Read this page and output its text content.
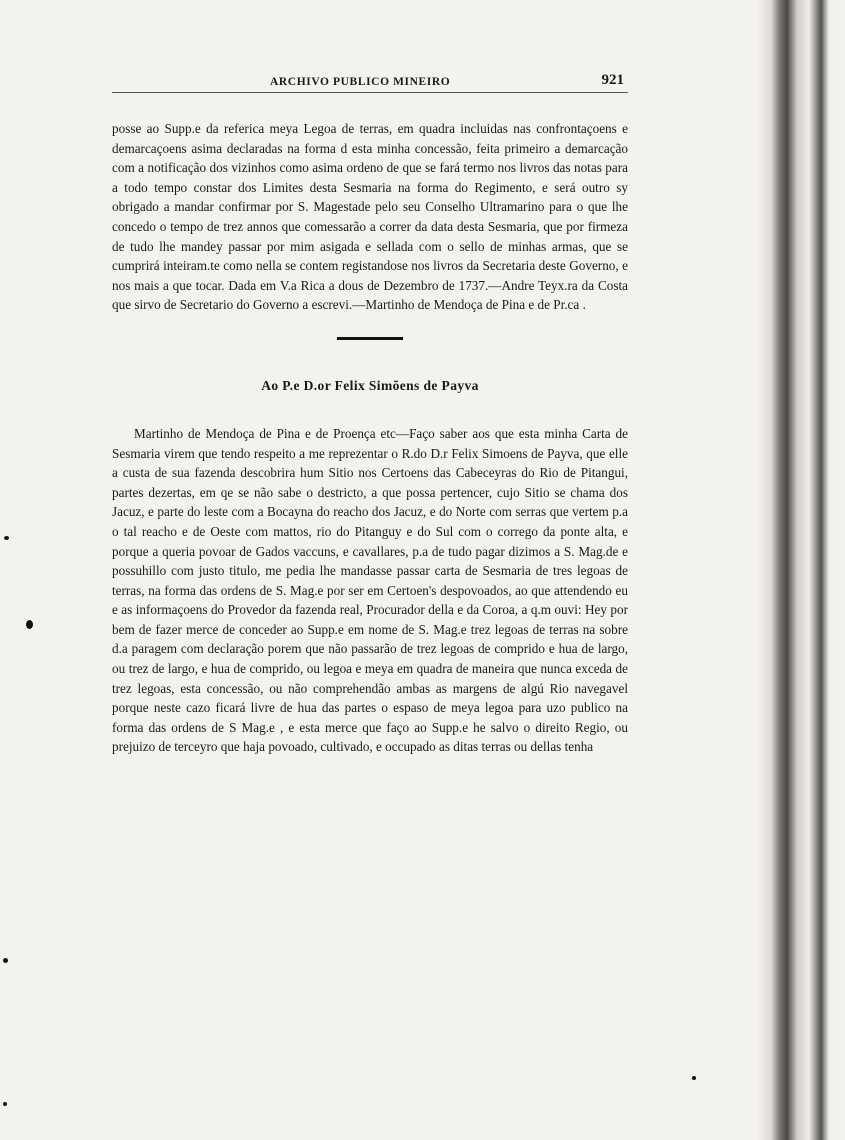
ARCHIVO PUBLICO MINEIRO	921

posse ao Supp.e da referica meya Legoa de terras, em quadra incluidas nas confrontaçoens e demarcaçoens asima declaradas na forma d esta minha concessão, feita primeiro a demarcação com a notificação dos vizinhos como asima ordeno de que se fará termo nos livros das notas para a todo tempo constar dos Limites desta Sesmaria na forma do Regimento, e será outro sy obrigado a mandar confirmar por S. Magestade pelo seu Conselho Ultramarino para o que lhe concedo o tempo de trez annos que comessarão a correr da data desta Sesmaria, que por firmeza de tudo lhe mandey passar por mim asigada e sellada com o sello de minhas armas, que se cumprirá inteiram.te como nella se contem registandose nos livros da Secretaria deste Governo, e nos mais a que tocar. Dada em V.a Rica a dous de Dezembro de 1737.—Andre Teyx.ra da Costa que sirvo de Secretario do Governo a escrevi.—Martinho de Mendoça de Pina e de Pr.ca .

Ao P.e D.or Felix Simõens de Payva

Martinho de Mendoça de Pina e de Proença etc—Faço saber aos que esta minha Carta de Sesmaria virem que tendo respeito a me reprezentar o R.do D.r Felix Simoens de Payva, que elle a custa de sua fazenda descobrira hum Sitio nos Certoens das Cabeceyras do Rio de Pitangui, partes dezertas, em qe se não sabe o destricto, a que possa pertencer, cujo Sitio se chama dos Jacuz, e parte do leste com a Bocayna do reacho dos Jacuz, e do Norte com serras que vertem p.a o tal reacho e de Oeste com mattos, rio do Pitanguy e do Sul com o corrego da ponte alta, e porque a queria povoar de Gados vaccuns, e cavallares, p.a de tudo pagar dizimos a S. Mag.de e possuhillo com justo titulo, me pedia lhe mandasse passar carta de Sesmaria de tres legoas de terras, na forma das ordens de S. Mag.e por ser em Certoen's despovoados, ao que attendendo eu e as informaçoens do Provedor da fazenda real, Procurador della e da Coroa, a q.m ouvi: Hey por bem de fazer merce de conceder ao Supp.e em nome de S. Mag.e trez legoas de terras na sobre d.a paragem com declaração porem que não passarão de trez legoas de comprido e hua de largo, ou trez de largo, e hua de comprido, ou legoa e meya em quadra de maneira que nunca exceda de trez legoas, esta concessão, ou não comprehendão ambas as margens de algú Rio navegavel porque neste cazo ficará livre de hua das partes o espaso de meya legoa para uzo publico na forma das ordens de S Mag.e , e esta merce que faço ao Supp.e he salvo o direito Regio, ou prejuizo de terceyro que haja povoado, cultivado, e occupado as ditas terras ou dellas tenha
